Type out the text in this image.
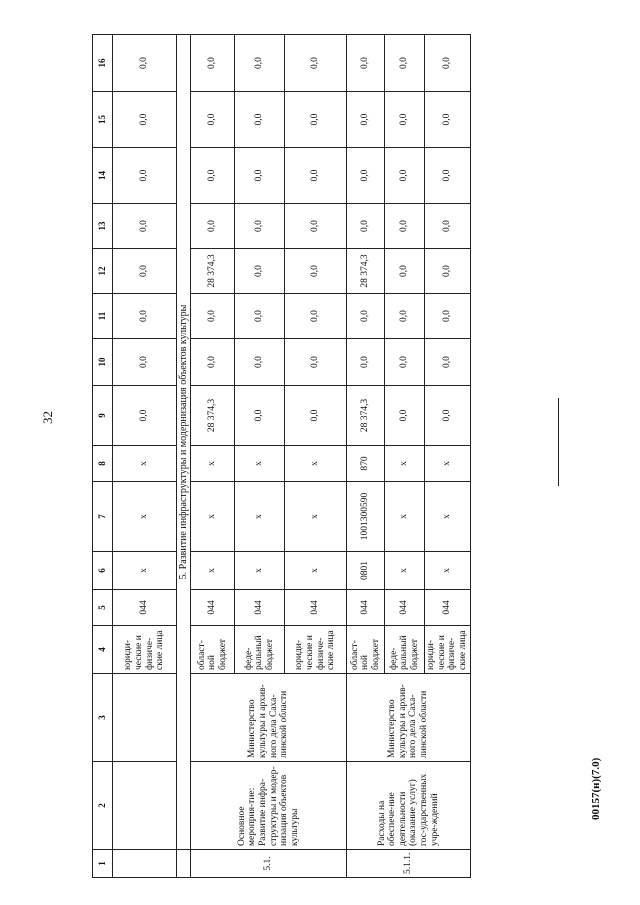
32
00157(н)(7.0)
1	2	3	4	5	6	7	8	9	10	11	12	13	14	15	16
			юриди-ческие и физиче-ские лица	044	х	х	х	0,0	0,0	0,0	0,0	0,0	0,0	0,0	0,0
	5. Развитие инфраструктуры и модернизация объектов культуры														
5.1.	Основное мероприя-тие: Развитие инфра-структуры и модер-низация объектов культуры	Министерство культуры и архив-ного дела Саха-линской области	област-ной бюджет	044	х	х	х	28 374,3	0,0	0,0	28 374,3	0,0	0,0	0,0	0,0
			феде-ральный бюджет	044	х	х	х	0,0	0,0	0,0	0,0	0,0	0,0	0,0	0,0
			юриди-ческие и физиче-ские лица	044	х	х	х	0,0	0,0	0,0	0,0	0,0	0,0	0,0	0,0
5.1.1.	Расходы на обеспече-ние деятельности (оказание услуг) гос-ударственных учре-ждений	Министерство культуры и архив-ного дела Саха-линской области	област-ной бюджет	044	0801	1001300590	870	28 374,3	0,0	0,0	28 374,3	0,0	0,0	0,0	0,0
			феде-ральный бюджет	044	х	х	х	0,0	0,0	0,0	0,0	0,0	0,0	0,0	0,0
			юриди-ческие и физиче-ские лица	044	х	х	х	0,0	0,0	0,0	0,0	0,0	0,0	0,0	0,0
